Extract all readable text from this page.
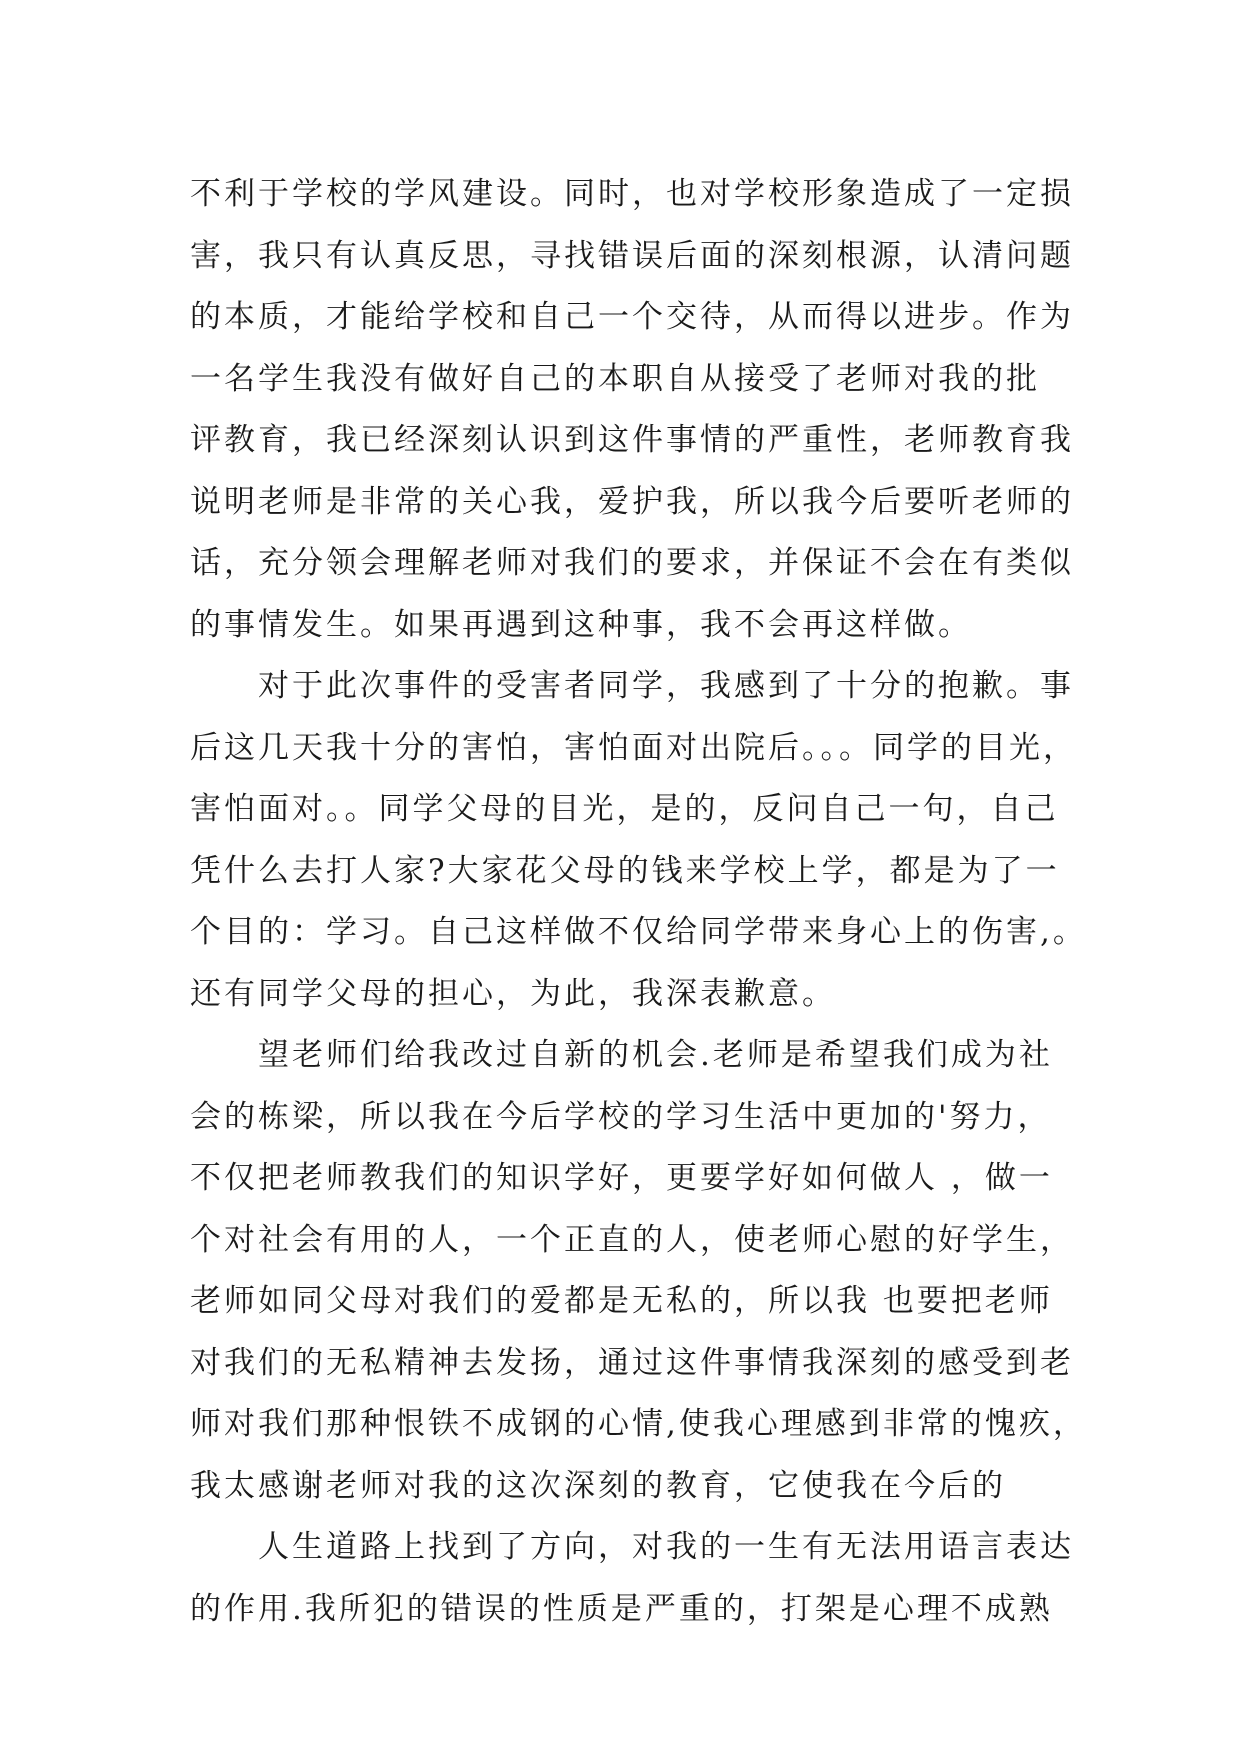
不利于学校的学风建设。同时，也对学校形象造成了一定损
害，我只有认真反思，寻找错误后面的深刻根源，认清问题
的本质，才能给学校和自己一个交待，从而得以进步。作为
一名学生我没有做好自己的本职自从接受了老师对我的批
评教育，我已经深刻认识到这件事情的严重性，老师教育我
说明老师是非常的关心我，爱护我，所以我今后要听老师的
话，充分领会理解老师对我们的要求，并保证不会在有类似
的事情发生。如果再遇到这种事，我不会再这样做。
　　对于此次事件的受害者同学，我感到了十分的抱歉。事
后这几天我十分的害怕，害怕面对出院后。。。同学的目光，
害怕面对。。同学父母的目光，是的，反问自己一句，自己
凭什么去打人家?大家花父母的钱来学校上学，都是为了一
个目的：学习。自己这样做不仅给同学带来身心上的伤害,。
还有同学父母的担心，为此，我深表歉意。
　　望老师们给我改过自新的机会.老师是希望我们成为社
会的栋梁，所以我在今后学校的学习生活中更加的'努力，
不仅把老师教我们的知识学好，更要学好如何做人 ，做一
个对社会有用的人，一个正直的人，使老师心慰的好学生，
老师如同父母对我们的爱都是无私的，所以我 也要把老师
对我们的无私精神去发扬，通过这件事情我深刻的感受到老
师对我们那种恨铁不成钢的心情,使我心理感到非常的愧疚，
我太感谢老师对我的这次深刻的教育，它使我在今后的
　　人生道路上找到了方向，对我的一生有无法用语言表达
的作用.我所犯的错误的性质是严重的，打架是心理不成熟
